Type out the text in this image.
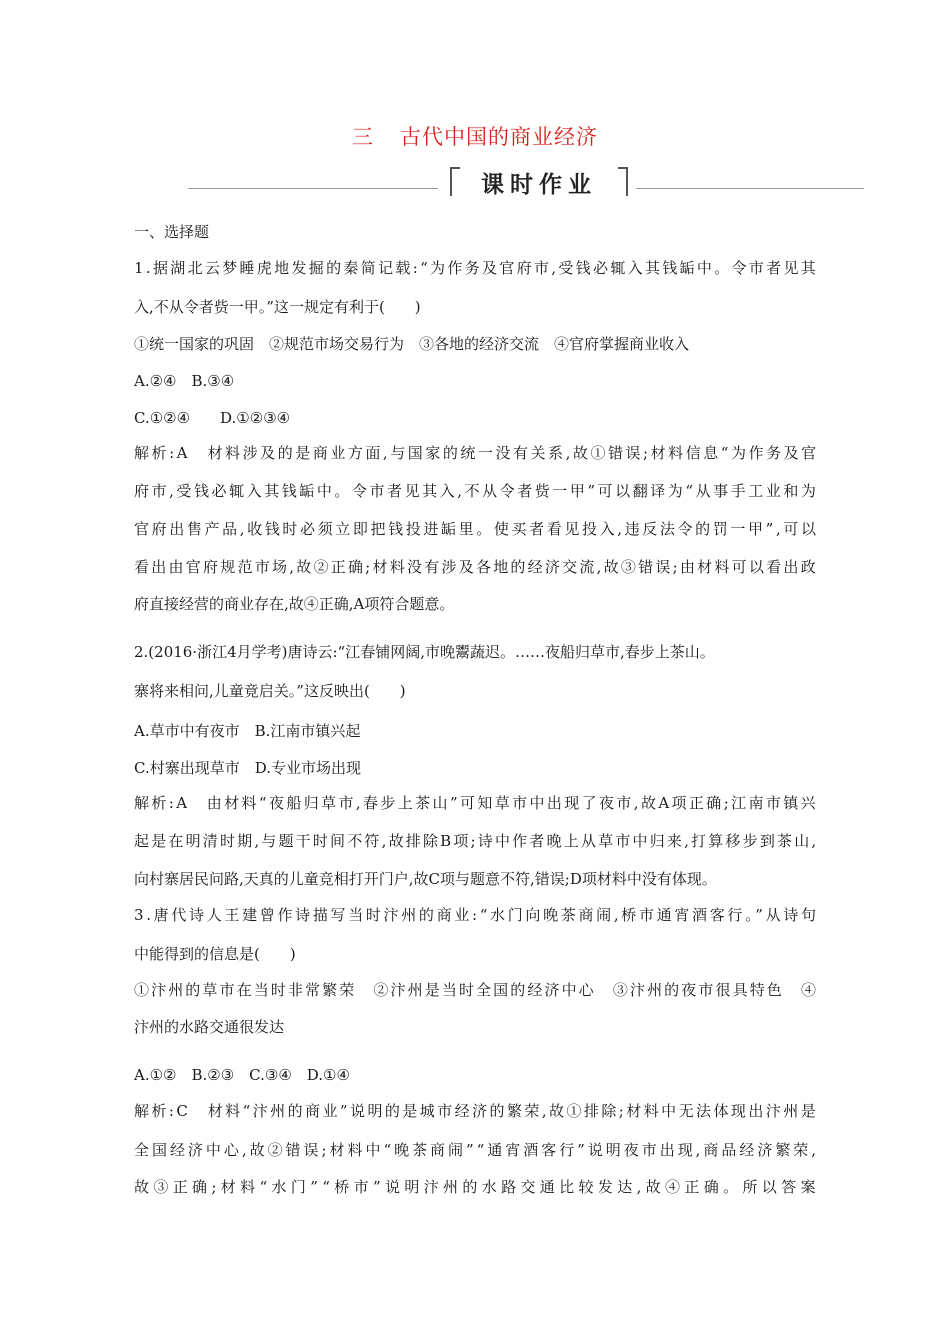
三 古代中国的商业经济
课时作业
一、选择题
1.据湖北云梦睡虎地发掘的秦简记载:“为作务及官府市,受钱必辄入其钱缿中。令市者见其
入,不从令者赀一甲。”这一规定有利于(　　)
①统一国家的巩固　②规范市场交易行为　③各地的经济交流　④官府掌握商业收入
A.②④　B.③④
C.①②④　　D.①②③④
解析:A　材料涉及的是商业方面,与国家的统一没有关系,故①错误;材料信息“为作务及官
府市,受钱必辄入其钱缿中。令市者见其入,不从令者赀一甲”可以翻译为“从事手工业和为
官府出售产品,收钱时必须立即把钱投进缿里。使买者看见投入,违反法令的罚一甲”,可以
看出由官府规范市场,故②正确;材料没有涉及各地的经济交流,故③错误;由材料可以看出政
府直接经营的商业存在,故④正确,A项符合题意。
2.(2016·浙江4月学考)唐诗云:“江春铺网阔,市晚鬻蔬迟。……夜船归草市,春步上茶山。
寨将来相问,儿童竟启关。”这反映出(　　)
A.草市中有夜市　B.江南市镇兴起
C.村寨出现草市　D.专业市场出现
解析:A　由材料“夜船归草市,春步上茶山”可知草市中出现了夜市,故A项正确;江南市镇兴
起是在明清时期,与题干时间不符,故排除B项;诗中作者晚上从草市中归来,打算移步到茶山,
向村寨居民问路,天真的儿童竞相打开门户,故C项与题意不符,错误;D项材料中没有体现。
3.唐代诗人王建曾作诗描写当时汴州的商业:“水门向晚茶商闹,桥市通宵酒客行。”从诗句
中能得到的信息是(　　)
①汴州的草市在当时非常繁荣　②汴州是当时全国的经济中心　③汴州的夜市很具特色　④
汴州的水路交通很发达
A.①②　B.②③　C.③④　D.①④
解析:C　材料“汴州的商业”说明的是城市经济的繁荣,故①排除;材料中无法体现出汴州是
全国经济中心,故②错误;材料中“晚茶商闹”“通宵酒客行”说明夜市出现,商品经济繁荣,
故③正确;材料“水门”“桥市”说明汴州的水路交通比较发达,故④正确。所以答案
